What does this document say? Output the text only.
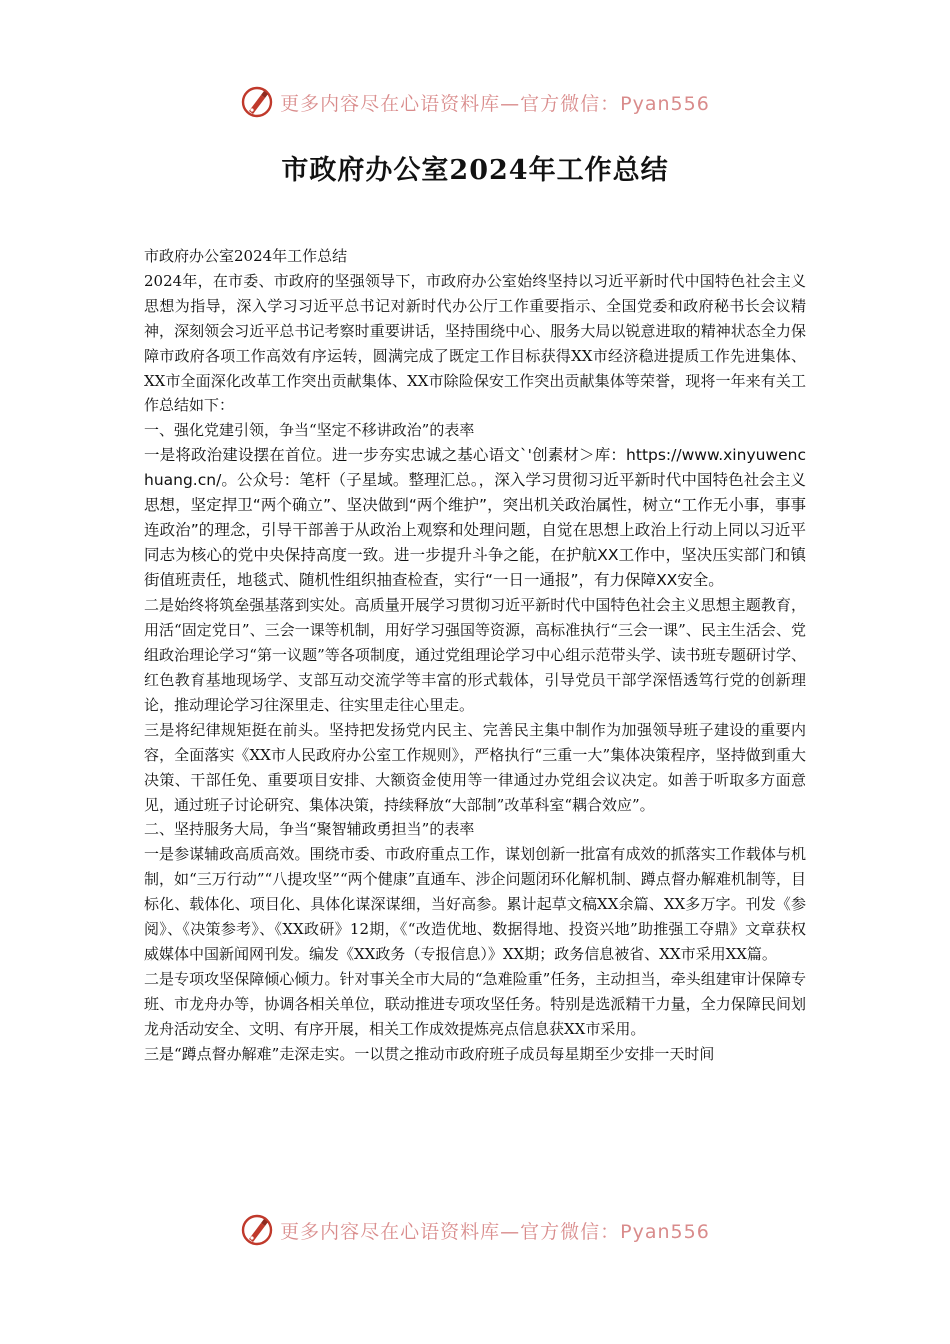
更多内容尽在心语资料库—官方微信：Pyan556
市政府办公室2024年工作总结

市政府办公室2024年工作总结

2024年，在市委、市政府的坚强领导下，市政府办公室始终坚持以习近平新时代中国特色社会主义思想为指导，深入学习习近平总书记对新时代办公厅工作重要指示、全国党委和政府秘书长会议精神，深刻领会习近平总书记考察时重要讲话，坚持围绕中心、服务大局以锐意进取的精神状态全力保障市政府各项工作高效有序运转，圆满完成了既定工作目标获得XX市经济稳进提质工作先进集体、XX市全面深化改革工作突出贡献集体、XX市除险保安工作突出贡献集体等荣誉，现将一年来有关工作总结如下：

一、强化党建引领，争当“坚定不移讲政治”的表率

一是将政治建设摆在首位。进一步夯实忠诚之基心语文`'创素材＞库：https://www.xinyuwenchuang.cn/。公众号：笔杆（子星域。整理汇总。，深入学习贯彻习近平新时代中国特色社会主义思想，坚定捍卫“两个确立”、坚决做到“两个维护”，突出机关政治属性，树立“工作无小事，事事连政治”的理念，引导干部善于从政治上观察和处理问题，自觉在思想上政治上行动上同以习近平同志为核心的党中央保持高度一致。进一步提升斗争之能，在护航XX工作中，坚决压实部门和镇街值班责任，地毯式、随机性组织抽查检查，实行“一日一通报”，有力保障XX安全。

二是始终将筑垒强基落到实处。高质量开展学习贯彻习近平新时代中国特色社会主义思想主题教育，用活“固定党日”、三会一课等机制，用好学习强国等资源，高标准执行“三会一课”、民主生活会、党组政治理论学习“第一议题”等各项制度，通过党组理论学习中心组示范带头学、读书班专题研讨学、红色教育基地现场学、支部互动交流学等丰富的形式载体，引导党员干部学深悟透笃行党的创新理论，推动理论学习往深里走、往实里走往心里走。

三是将纪律规矩挺在前头。坚持把发扬党内民主、完善民主集中制作为加强领导班子建设的重要内容，全面落实《XX市人民政府办公室工作规则》，严格执行“三重一大”集体决策程序，坚持做到重大决策、干部任免、重要项目安排、大额资金使用等一律通过办党组会议决定。如善于听取多方面意见，通过班子讨论研究、集体决策，持续释放“大部制”改革科室“耦合效应”。

二、坚持服务大局，争当“聚智辅政勇担当”的表率

一是参谋辅政高质高效。围绕市委、市政府重点工作，谋划创新一批富有成效的抓落实工作载体与机制，如“三万行动”“八提攻坚”“两个健康”直通车、涉企问题闭环化解机制、蹲点督办解难机制等，目标化、载体化、项目化、具体化谋深谋细，当好高参。累计起草文稿XX余篇、XX多万字。刊发《参阅》、《决策参考》、《XX政研》12期，《“改造优地、数据得地、投资兴地”助推强工夺鼎》文章获权威媒体中国新闻网刊发。编发《XX政务（专报信息）》XX期；政务信息被省、XX市采用XX篇。

二是专项攻坚保障倾心倾力。针对事关全市大局的“急难险重”任务，主动担当，牵头组建审计保障专班、市龙舟办等，协调各相关单位，联动推进专项攻坚任务。特别是选派精干力量，全力保障民间划龙舟活动安全、文明、有序开展，相关工作成效提炼亮点信息获XX市采用。

三是“蹲点督办解难”走深走实。一以贯之推动市政府班子成员每星期至少安排一天时间

更多内容尽在心语资料库—官方微信：Pyan556
